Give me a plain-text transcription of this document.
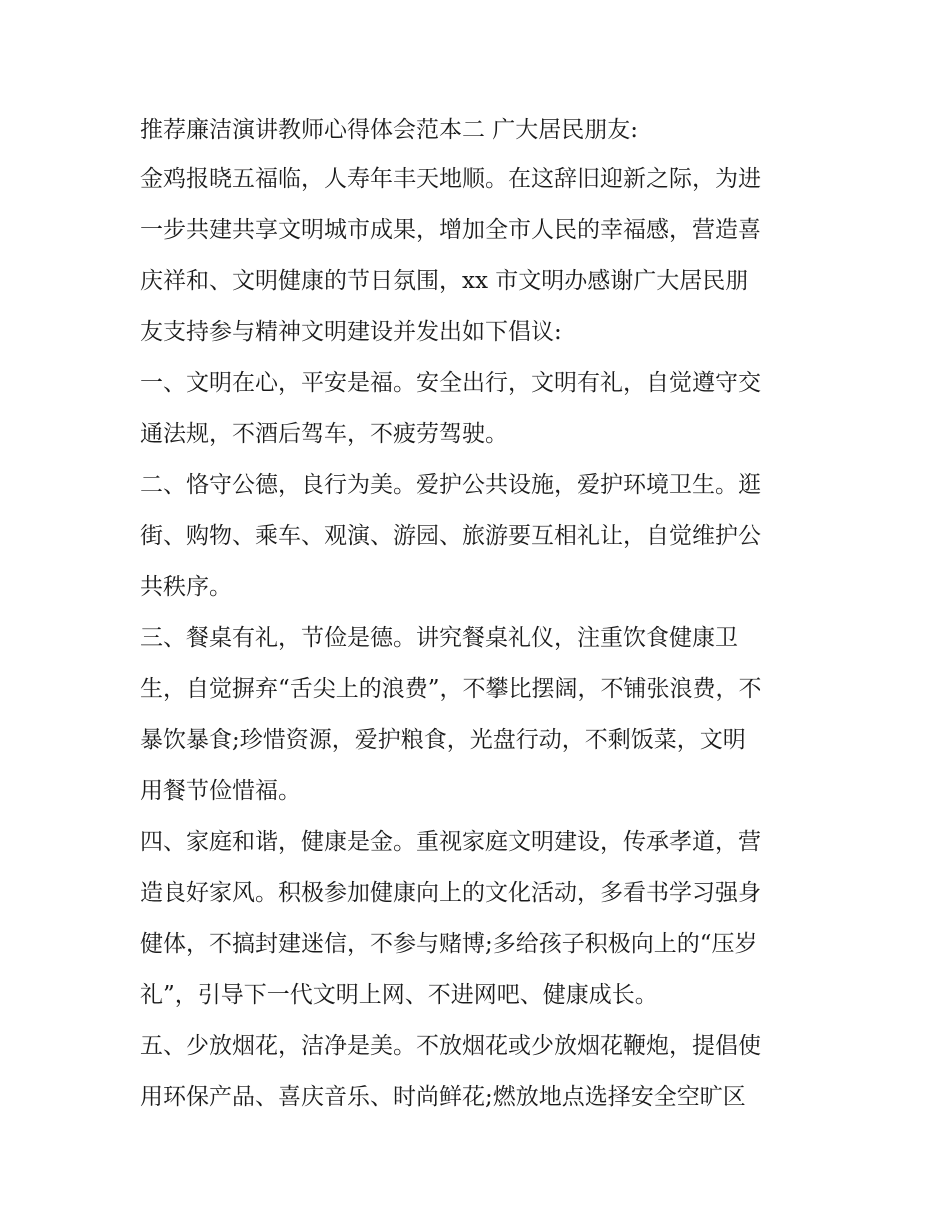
推荐廉洁演讲教师心得体会范本二 广大居民朋友:
金鸡报晓五福临，人寿年丰天地顺。在这辞旧迎新之际，为进
一步共建共享文明城市成果，增加全市人民的幸福感，营造喜
庆祥和、文明健康的节日氛围，xx 市文明办感谢广大居民朋
友支持参与精神文明建设并发出如下倡议:
一、文明在心，平安是福。安全出行，文明有礼，自觉遵守交
通法规，不酒后驾车，不疲劳驾驶。
二、恪守公德，良行为美。爱护公共设施，爱护环境卫生。逛
街、购物、乘车、观演、游园、旅游要互相礼让，自觉维护公
共秩序。
三、餐桌有礼，节俭是德。讲究餐桌礼仪，注重饮食健康卫
生，自觉摒弃“舌尖上的浪费”，不攀比摆阔，不铺张浪费，不
暴饮暴食;珍惜资源，爱护粮食，光盘行动，不剩饭菜，文明
用餐节俭惜福。
四、家庭和谐，健康是金。重视家庭文明建设，传承孝道，营
造良好家风。积极参加健康向上的文化活动，多看书学习强身
健体，不搞封建迷信，不参与赌博;多给孩子积极向上的“压岁
礼”，引导下一代文明上网、不进网吧、健康成长。
五、少放烟花，洁净是美。不放烟花或少放烟花鞭炮，提倡使
用环保产品、喜庆音乐、时尚鲜花;燃放地点选择安全空旷区
